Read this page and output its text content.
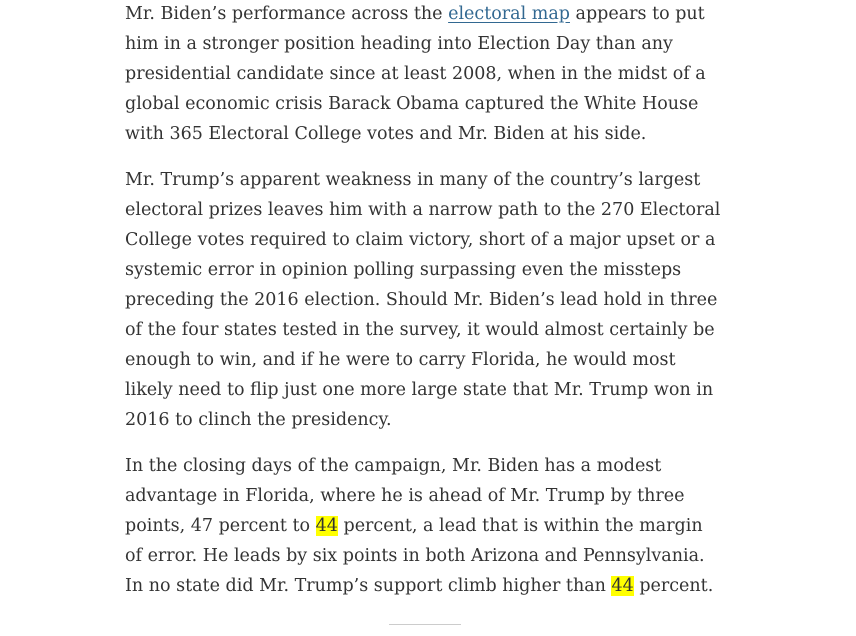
Mr. Biden’s performance across the electoral map appears to put him in a stronger position heading into Election Day than any presidential candidate since at least 2008, when in the midst of a global economic crisis Barack Obama captured the White House with 365 Electoral College votes and Mr. Biden at his side.

Mr. Trump’s apparent weakness in many of the country’s largest electoral prizes leaves him with a narrow path to the 270 Electoral College votes required to claim victory, short of a major upset or a systemic error in opinion polling surpassing even the missteps preceding the 2016 election. Should Mr. Biden’s lead hold in three of the four states tested in the survey, it would almost certainly be enough to win, and if he were to carry Florida, he would most likely need to flip just one more large state that Mr. Trump won in 2016 to clinch the presidency.

In the closing days of the campaign, Mr. Biden has a modest advantage in Florida, where he is ahead of Mr. Trump by three points, 47 percent to 44 percent, a lead that is within the margin of error. He leads by six points in both Arizona and Pennsylvania. In no state did Mr. Trump’s support climb higher than 44 percent.
